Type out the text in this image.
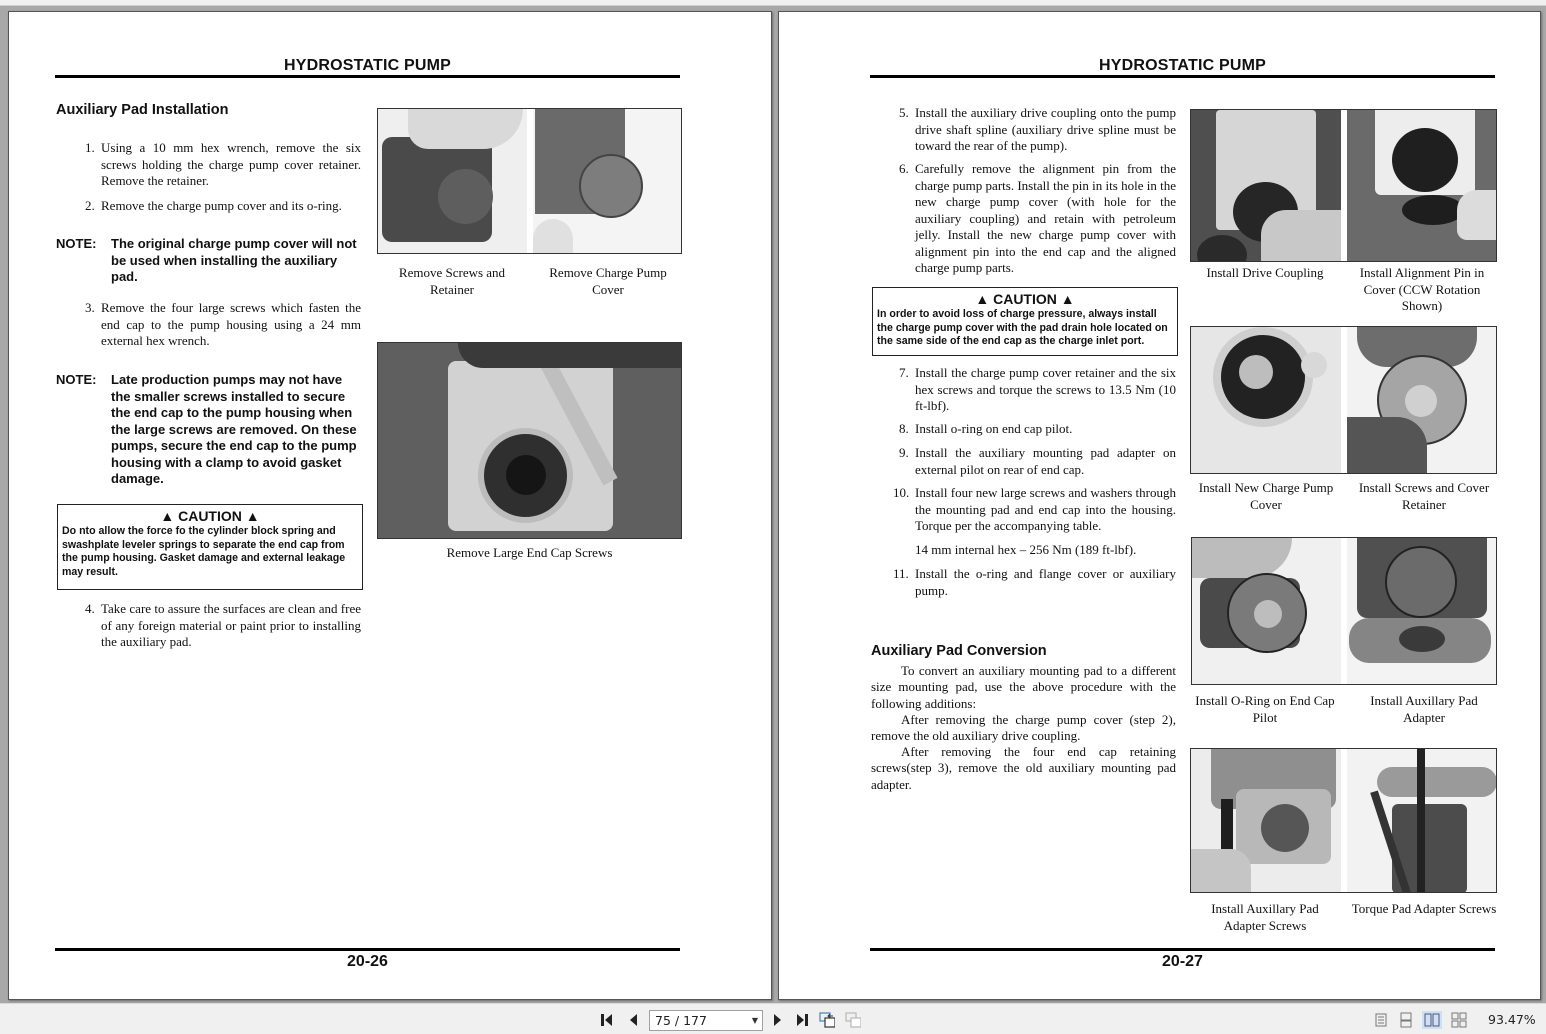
HYDROSTATIC PUMP
Auxiliary Pad Installation
1. Using a 10 mm hex wrench, remove the six screws holding the charge pump cover retainer. Remove the retainer.
2. Remove the charge pump cover and its o-ring.
NOTE: The original charge pump cover will not be used when installing the auxiliary pad.
3. Remove the four large screws which fasten the end cap to the pump housing using a 24 mm external hex wrench.
NOTE: Late production pumps may not have the smaller screws installed to secure the end cap to the pump housing when the large screws are removed. On these pumps, secure the end cap to the pump housing with a clamp to avoid gasket damage.
▲ CAUTION ▲
Do nto allow the force fo the cylinder block spring and swashplate leveler springs to separate the end cap from the pump housing. Gasket damage and external leakage may result.
4. Take care to assure the surfaces are clean and free of any foreign material or paint prior to installing the auxiliary pad.
Remove Screws and Retainer
Remove Charge Pump Cover
Remove Large End Cap Screws
20-26
HYDROSTATIC PUMP
5. Install the auxiliary drive coupling onto the pump drive shaft spline (auxiliary drive spline must be toward the rear of the pump).
6. Carefully remove the alignment pin from the charge pump parts. Install the pin in its hole in the new charge pump cover (with hole for the auxiliary coupling) and retain with petroleum jelly. Install the new charge pump cover with alignment pin into the end cap and the aligned charge pump parts.
▲ CAUTION ▲
In order to avoid loss of charge pressure, always install the charge pump cover with the pad drain hole located on the same side of the end cap as the charge inlet port.
7. Install the charge pump cover retainer and the six hex screws and torque the screws to 13.5 Nm (10 ft-lbf).
8. Install o-ring on end cap pilot.
9. Install the auxiliary mounting pad adapter on external pilot on rear of end cap.
10. Install four new large screws and washers through the mounting pad and end cap into the housing. Torque per the accompanying table.
14 mm internal hex – 256 Nm (189 ft-lbf).
11. Install the o-ring and flange cover or auxiliary pump.
Auxiliary Pad Conversion
To convert an auxiliary mounting pad to a different size mounting pad, use the above procedure with the following additions:
After removing the charge pump cover (step 2), remove the old auxiliary drive coupling.
After removing the four end cap retaining screws(step 3), remove the old auxiliary mounting pad adapter.
Install Drive Coupling	Install Alignment Pin in Cover (CCW Rotation Shown)
Install New Charge Pump Cover
Install Screws and Cover Retainer
Install O-Ring on End Cap Pilot
Install Auxillary Pad Adapter
Install Auxillary Pad Adapter Screws
Torque Pad Adapter Screws
20-27
75 / 177	▼	93.47%
